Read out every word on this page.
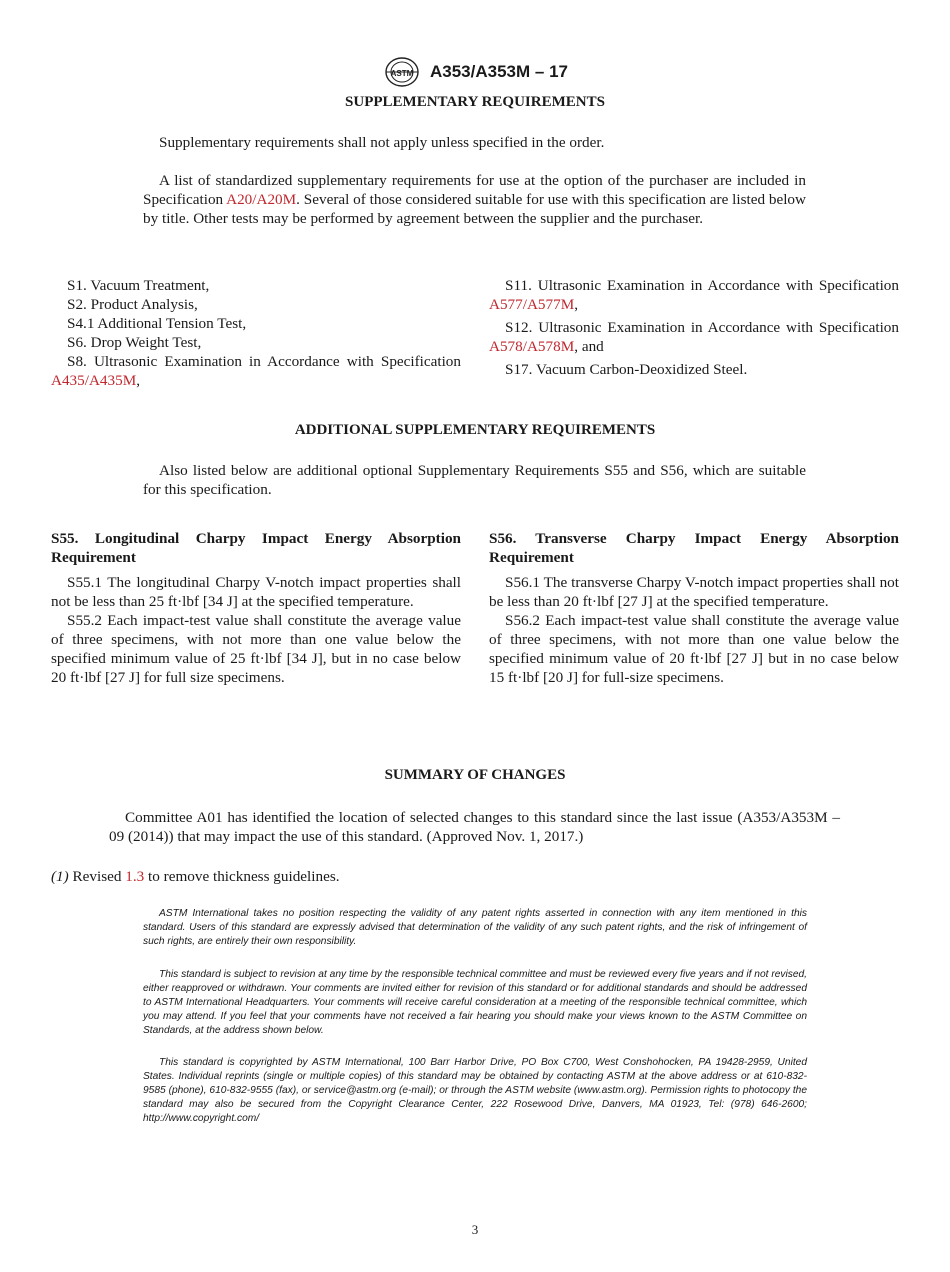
ASTM A353/A353M – 17
SUPPLEMENTARY REQUIREMENTS
Supplementary requirements shall not apply unless specified in the order.
A list of standardized supplementary requirements for use at the option of the purchaser are included in Specification A20/A20M. Several of those considered suitable for use with this specification are listed below by title. Other tests may be performed by agreement between the supplier and the purchaser.
S1. Vacuum Treatment,
S2. Product Analysis,
S4.1 Additional Tension Test,
S6. Drop Weight Test,
S8. Ultrasonic Examination in Accordance with Specification A435/A435M,
S11. Ultrasonic Examination in Accordance with Specification A577/A577M,
S12. Ultrasonic Examination in Accordance with Specification A578/A578M, and
S17. Vacuum Carbon-Deoxidized Steel.
ADDITIONAL SUPPLEMENTARY REQUIREMENTS
Also listed below are additional optional Supplementary Requirements S55 and S56, which are suitable for this specification.
S55. Longitudinal Charpy Impact Energy Absorption Requirement
S55.1 The longitudinal Charpy V-notch impact properties shall not be less than 25 ft·lbf [34 J] at the specified temperature.
S55.2 Each impact-test value shall constitute the average value of three specimens, with not more than one value below the specified minimum value of 25 ft·lbf [34 J], but in no case below 20 ft·lbf [27 J] for full size specimens.
S56. Transverse Charpy Impact Energy Absorption Requirement
S56.1 The transverse Charpy V-notch impact properties shall not be less than 20 ft·lbf [27 J] at the specified temperature.
S56.2 Each impact-test value shall constitute the average value of three specimens, with not more than one value below the specified minimum value of 20 ft·lbf [27 J] but in no case below 15 ft·lbf [20 J] for full-size specimens.
SUMMARY OF CHANGES
Committee A01 has identified the location of selected changes to this standard since the last issue (A353/A353M – 09 (2014)) that may impact the use of this standard. (Approved Nov. 1, 2017.)
(1) Revised 1.3 to remove thickness guidelines.

ASTM International takes no position respecting the validity of any patent rights asserted in connection with any item mentioned in this standard. Users of this standard are expressly advised that determination of the validity of any such patent rights, and the risk of infringement of such rights, are entirely their own responsibility.

This standard is subject to revision at any time by the responsible technical committee and must be reviewed every five years and if not revised, either reapproved or withdrawn. Your comments are invited either for revision of this standard or for additional standards and should be addressed to ASTM International Headquarters. Your comments will receive careful consideration at a meeting of the responsible technical committee, which you may attend. If you feel that your comments have not received a fair hearing you should make your views known to the ASTM Committee on Standards, at the address shown below.

This standard is copyrighted by ASTM International, 100 Barr Harbor Drive, PO Box C700, West Conshohocken, PA 19428-2959, United States. Individual reprints (single or multiple copies) of this standard may be obtained by contacting ASTM at the above address or at 610-832-9585 (phone), 610-832-9555 (fax), or service@astm.org (e-mail); or through the ASTM website (www.astm.org). Permission rights to photocopy the standard may also be secured from the Copyright Clearance Center, 222 Rosewood Drive, Danvers, MA 01923, Tel: (978) 646-2600; http://www.copyright.com/

3
